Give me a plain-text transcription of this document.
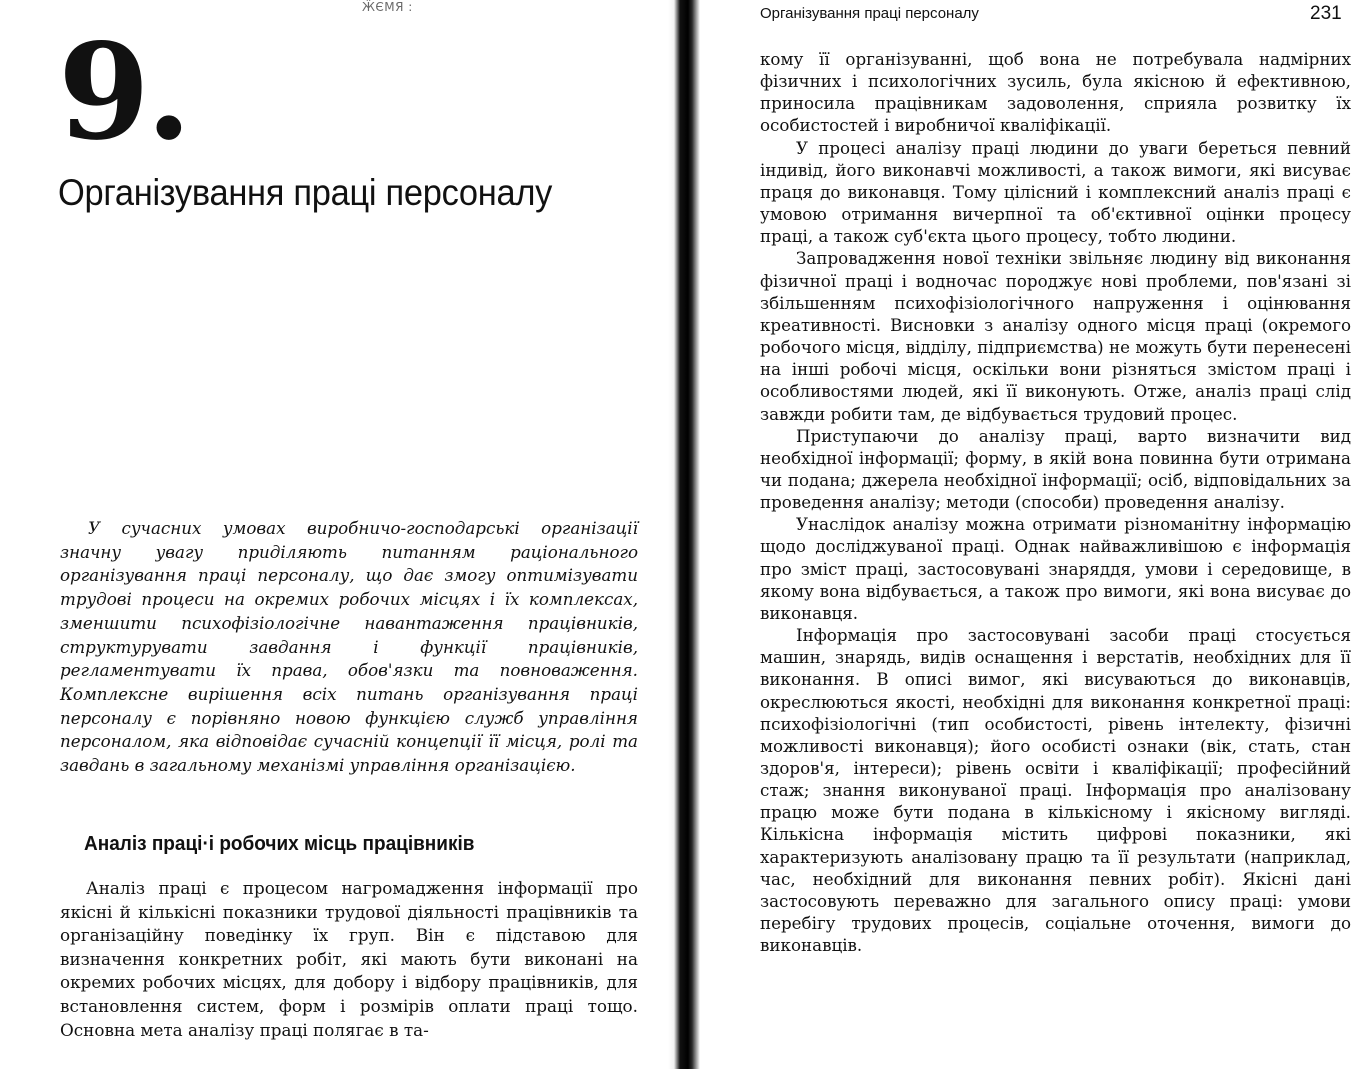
ӜЄМЯ :
9.
Організування праці персоналу

У сучасних умовах виробничо-господарські організації значну увагу приділяють питанням раціонального організування праці персоналу, що дає змогу оптимізувати трудові процеси на окремих робочих місцях і їх комплексах, зменшити психофізіологічне навантаження працівників, структурувати завдання і функції працівників, регламентувати їх права, обов'язки та повноваження. Комплексне вирішення всіх питань організування праці персоналу є порівняно новою функцією служб управління персоналом, яка відповідає сучасній концепції її місця, ролі та завдань в загальному механізмі управління організацією.

Аналіз праці·і робочих місць працівників

Аналіз праці є процесом нагромадження інформації про якісні й кількісні показники трудової діяльності працівників та організаційну поведінку їх груп. Він є підставою для визначення конкретних робіт, які мають бути виконані на окремих робочих місцях, для добору і відбору працівників, для встановлення систем, форм і розмірів оплати праці тощо. Основна мета аналізу праці полягає в та-

Організування праці персоналу	231

кому її організуванні, щоб вона не потребувала надмірних фізичних і психологічних зусиль, була якісною й ефективною, приносила працівникам задоволення, сприяла розвитку їх особистостей і виробничої кваліфікації.

У процесі аналізу праці людини до уваги береться певний індивід, його виконавчі можливості, а також вимоги, які висуває праця до виконавця. Тому цілісний і комплексний аналіз праці є умовою отримання вичерпної та об'єктивної оцінки процесу праці, а також суб'єкта цього процесу, тобто людини.

Запровадження нової техніки звільняє людину від виконання фізичної праці і водночас породжує нові проблеми, пов'язані зі збільшенням психофізіологічного напруження і оцінювання креативності. Висновки з аналізу одного місця праці (окремого робочого місця, відділу, підприємства) не можуть бути перенесені на інші робочі місця, оскільки вони різняться змістом праці і особливостями людей, які її виконують. Отже, аналіз праці слід завжди робити там, де відбувається трудовий процес.

Приступаючи до аналізу праці, варто визначити вид необхідної інформації; форму, в якій вона повинна бути отримана чи подана; джерела необхідної інформації; осіб, відповідальних за проведення аналізу; методи (способи) проведення аналізу.

Унаслідок аналізу можна отримати різноманітну інформацію щодо досліджуваної праці. Однак найважливішою є інформація про зміст праці, застосовувані знаряддя, умови і середовище, в якому вона відбувається, а також про вимоги, які вона висуває до виконавця.

Інформація про застосовувані засоби праці стосується машин, знарядь, видів оснащення і верстатів, необхідних для її виконання. В описі вимог, які висуваються до виконавців, окреслюються якості, необхідні для виконання конкретної праці: психофізіологічні (тип особистості, рівень інтелекту, фізичні можливості виконавця); його особисті ознаки (вік, стать, стан здоров'я, інтереси); рівень освіти і кваліфікації; професійний стаж; знання виконуваної праці. Інформація про аналізовану працю може бути подана в кількісному і якісному вигляді. Кількісна інформація містить цифрові показники, які характеризують аналізовану працю та її результати (наприклад, час, необхідний для виконання певних робіт). Якісні дані застосовують переважно для загального опису праці: умови перебігу трудових процесів, соціальне оточення, вимоги до виконавців.
